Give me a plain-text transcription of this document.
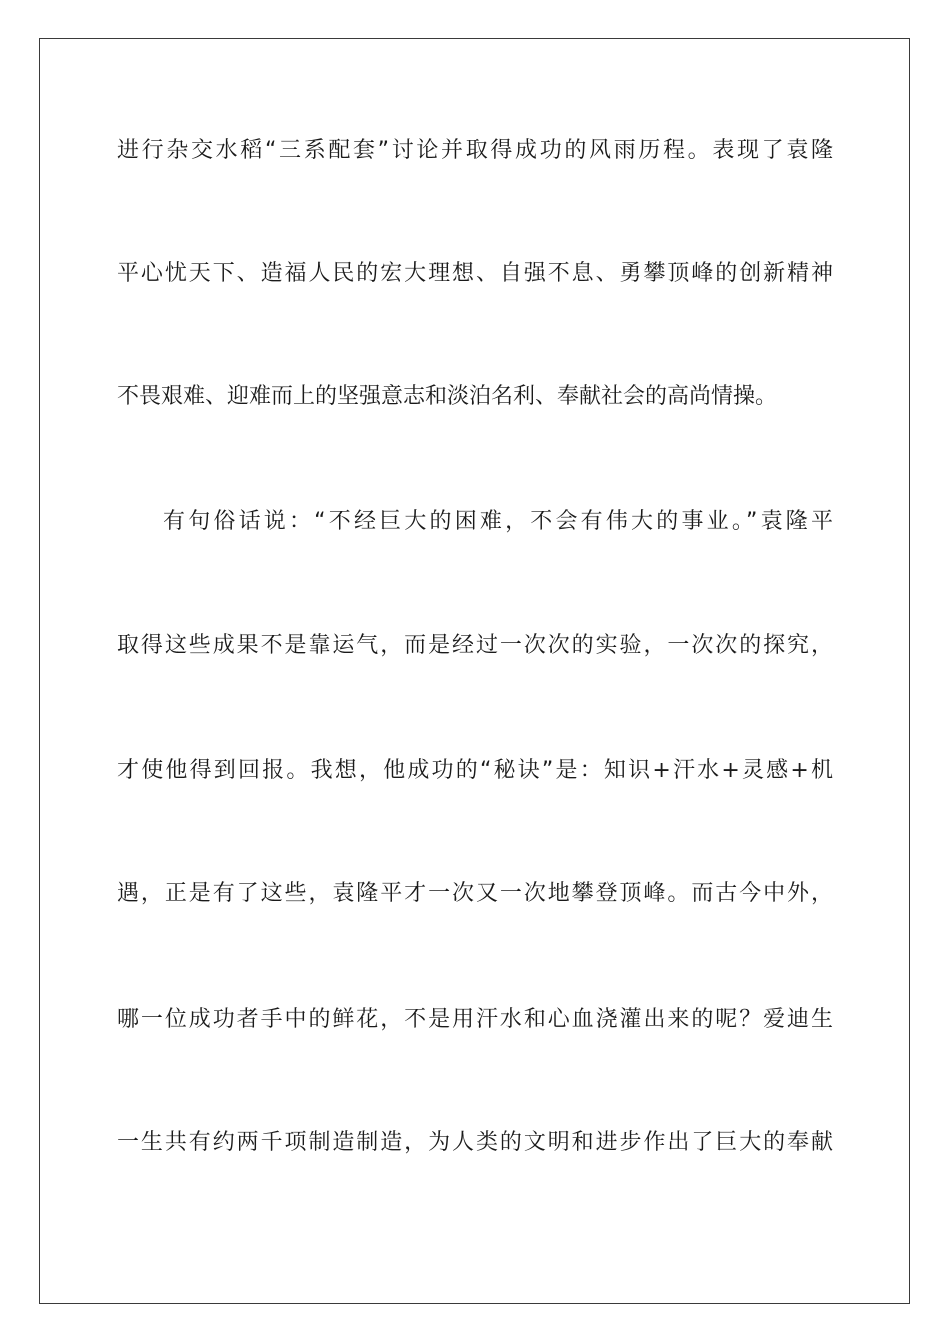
进行杂交水稻“三系配套”讨论并取得成功的风雨历程。表现了袁隆

平心忧天下、造福人民的宏大理想、自强不息、勇攀顶峰的创新精神

不畏艰难、迎难而上的坚强意志和淡泊名利、奉献社会的高尚情操。

有句俗话说：“不经巨大的困难，不会有伟大的事业。”袁隆平

取得这些成果不是靠运气，而是经过一次次的实验，一次次的探究，

才使他得到回报。我想，他成功的“秘诀”是：知识+汗水+灵感+机

遇，正是有了这些，袁隆平才一次又一次地攀登顶峰。而古今中外，

哪一位成功者手中的鲜花，不是用汗水和心血浇灌出来的呢？爱迪生

一生共有约两千项制造制造，为人类的文明和进步作出了巨大的奉献
